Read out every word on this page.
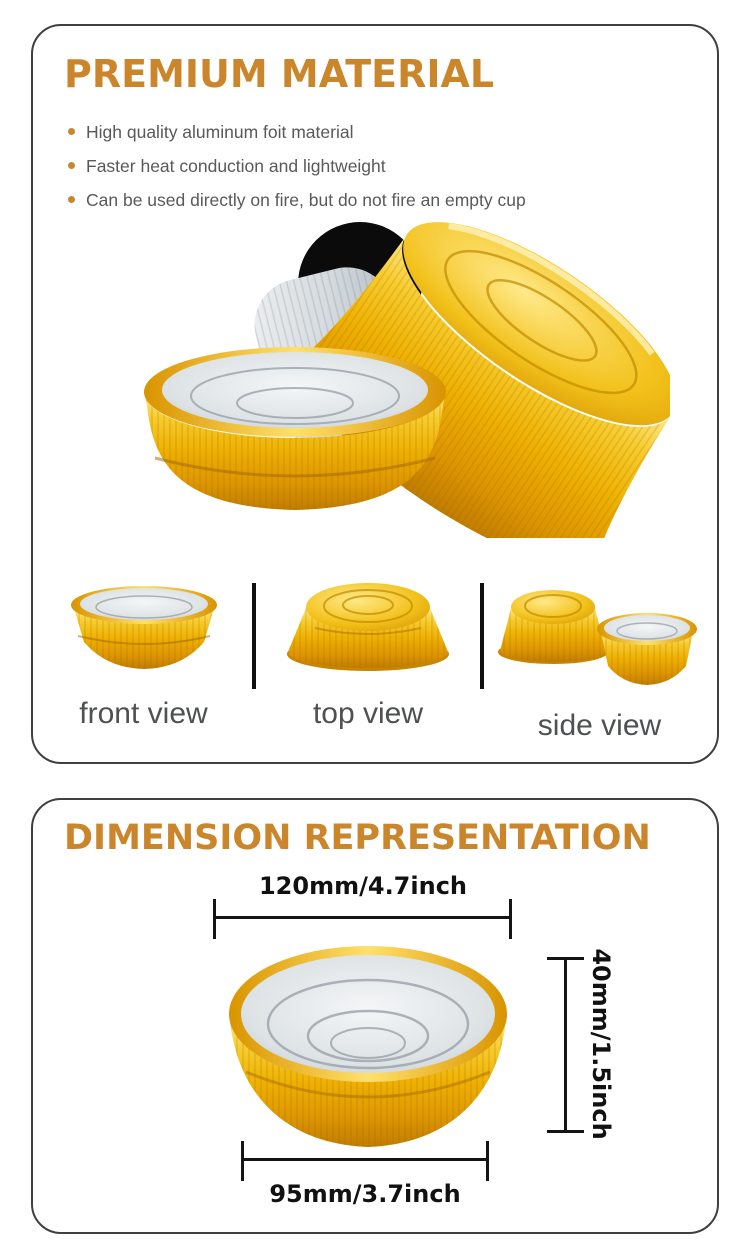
PREMIUM MATERIAL
High quality aluminum foit material
Faster heat conduction and lightweight
Can be used directly on fire, but do not fire an empty cup
front view	top view	side view
DIMENSION REPRESENTATION
120mm/4.7inch
40mm/1.5inch
95mm/3.7inch
